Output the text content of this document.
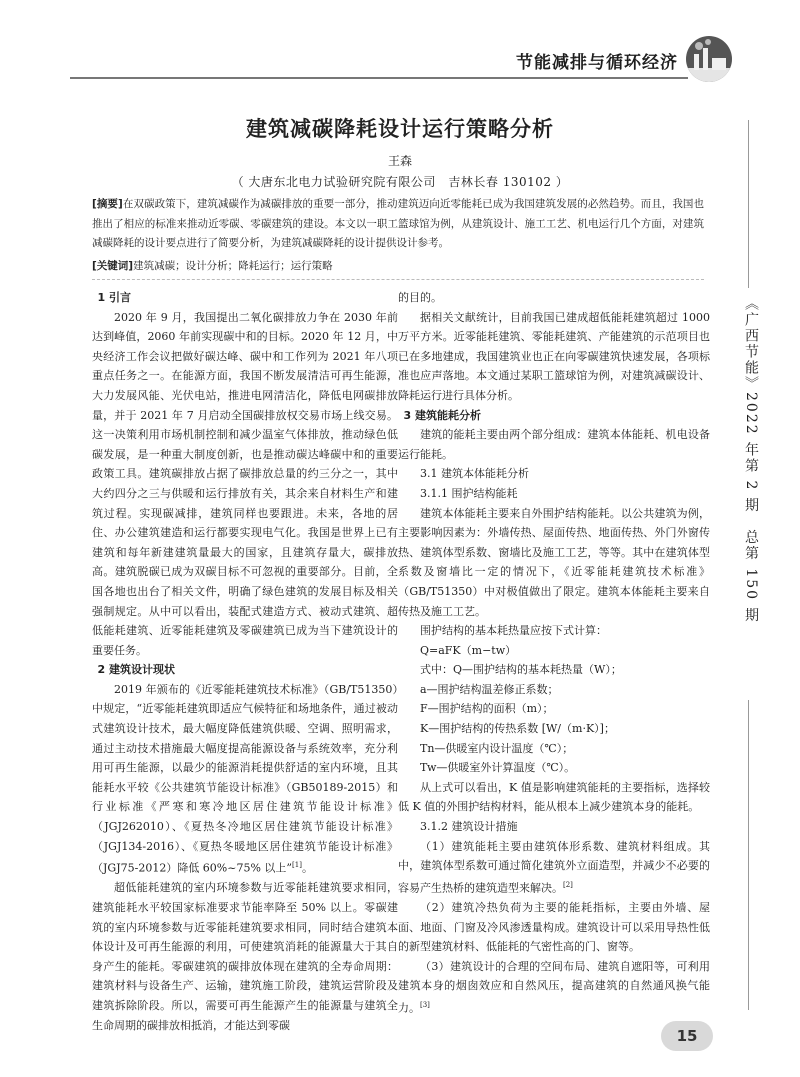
节能减排与循环经济
建筑减碳降耗设计运行策略分析
王森
（ 大唐东北电力试验研究院有限公司　吉林长春 130102 ）
[摘要]在双碳政策下，建筑减碳作为减碳排放的重要一部分，推动建筑迈向近零能耗已成为我国建筑发展的必然趋势。而且，我国也推出了相应的标准来推动近零碳、零碳建筑的建设。本文以一职工篮球馆为例，从建筑设计、施工工艺、机电运行几个方面，对建筑减碳降耗的设计要点进行了简要分析，为建筑减碳降耗的设计提供设计参考。
[关键词]建筑减碳；设计分析；降耗运行；运行策略

1 引言

2020 年 9 月，我国提出二氧化碳排放力争在 2030 年前达到峰值，2060 年前实现碳中和的目标。2020 年 12 月，中央经济工作会议把做好碳达峰、碳中和工作列为 2021 年八项重点任务之一。在能源方面，我国不断发展清洁可再生能源，大力发展风能、光伏电站，推进电网清洁化，降低电网碳排放量，并于 2021 年 7 月启动全国碳排放权交易市场上线交易。这一决策利用市场机制控制和减少温室气体排放，推动绿色低碳发展，是一种重大制度创新，也是推动碳达峰碳中和的重要政策工具。建筑碳排放占据了碳排放总量的约三分之一，其中大约四分之三与供暖和运行排放有关，其余来自材料生产和建筑过程。实现碳减排，建筑同样也要跟进。未来，各地的居住、办公建筑建造和运行都要实现电气化。我国是世界上已有建筑和每年新建建筑量最大的国家，且建筑存量大，碳排放高。建筑脱碳已成为双碳目标不可忽视的重要部分。目前，全国各地也出台了相关文件，明确了绿色建筑的发展目标及相关强制规定。从中可以看出，装配式建造方式、被动式建筑、超低能耗建筑、近零能耗建筑及零碳建筑已成为当下建筑设计的重要任务。

2 建筑设计现状

2019 年颁布的《近零能耗建筑技术标准》（GB/T51350）中规定，“近零能耗建筑即适应气候特征和场地条件，通过被动式建筑设计技术，最大幅度降低建筑供暖、空调、照明需求，通过主动技术措施最大幅度提高能源设备与系统效率，充分利用可再生能源，以最少的能源消耗提供舒适的室内环境，且其能耗水平较《公共建筑节能设计标准》（GB50189-2015）和行业标准《严寒和寒冷地区居住建筑节能设计标准》（JGJ262010）、《夏热冬冷地区居住建筑节能设计标准》（JGJ134-2016）、《夏热冬暖地区居住建筑节能设计标准》（JGJ75-2012）降低 60%~75% 以上”[1]。

超低能耗建筑的室内环境参数与近零能耗建筑要求相同，建筑能耗水平较国家标准要求节能率降至 50% 以上。零碳建筑的室内环境参数与近零能耗建筑要求相同，同时结合建筑本体设计及可再生能源的利用，可使建筑消耗的能源量大于其自身产生的能耗。零碳建筑的碳排放体现在建筑的全寿命周期：建筑材料与设备生产、运输，建筑施工阶段，建筑运营阶段及建筑拆除阶段。所以，需要可再生能源产生的能源量与建筑全生命周期的碳排放相抵消，才能达到零碳

的目的。

据相关文献统计，目前我国已建成超低能耗建筑超过 1000 万平方米。近零能耗建筑、零能耗建筑、产能建筑的示范项目也已在多地建成，我国建筑业也正在向零碳建筑快速发展，各项标准也应声落地。本文通过某职工篮球馆为例，对建筑减碳设计、降耗运行进行具体分析。

3 建筑能耗分析

建筑的能耗主要由两个部分组成：建筑本体能耗、机电设备运行能耗。

3.1 建筑本体能耗分析

3.1.1 围护结构能耗

建筑本体能耗主要来自外围护结构能耗。以公共建筑为例，主要影响因素为：外墙传热、屋面传热、地面传热、外门外窗传热、建筑体型系数、窗墙比及施工工艺，等等。其中在建筑体型系数及窗墙比一定的情况下，《近零能耗建筑技术标准》（GB/T51350）中对极值做出了限定。建筑本体能耗主要来自传热及施工工艺。

围护结构的基本耗热量应按下式计算：

Q=aFK（m−tw）

式中：Q—围护结构的基本耗热量（W）；

a—围护结构温差修正系数；

F—围护结构的面积（m）；

K—围护结构的传热系数 [W/（m·K）]；

Tn—供暖室内设计温度（℃）；

Tw—供暖室外计算温度（℃）。

从上式可以看出，K 值是影响建筑能耗的主要指标，选择较低 K 值的外围护结构材料，能从根本上减少建筑本身的能耗。

3.1.2 建筑设计措施

（1）建筑能耗主要由建筑体形系数、建筑材料组成。其中，建筑体型系数可通过简化建筑外立面造型，并减少不必要的容易产生热桥的建筑造型来解决。[2]

（2）建筑冷热负荷为主要的能耗指标，主要由外墙、屋面、地面、门窗及冷风渗透量构成。建筑设计可以采用导热性低的新型建筑材料、低能耗的气密性高的门、窗等。

（3）建筑设计的合理的空间布局、建筑自遮阳等，可利用建筑本身的烟囱效应和自然风压，提高建筑的自然通风换气能力。[3]

《广西节能》2022 年第 2 期　总第 150 期
15
